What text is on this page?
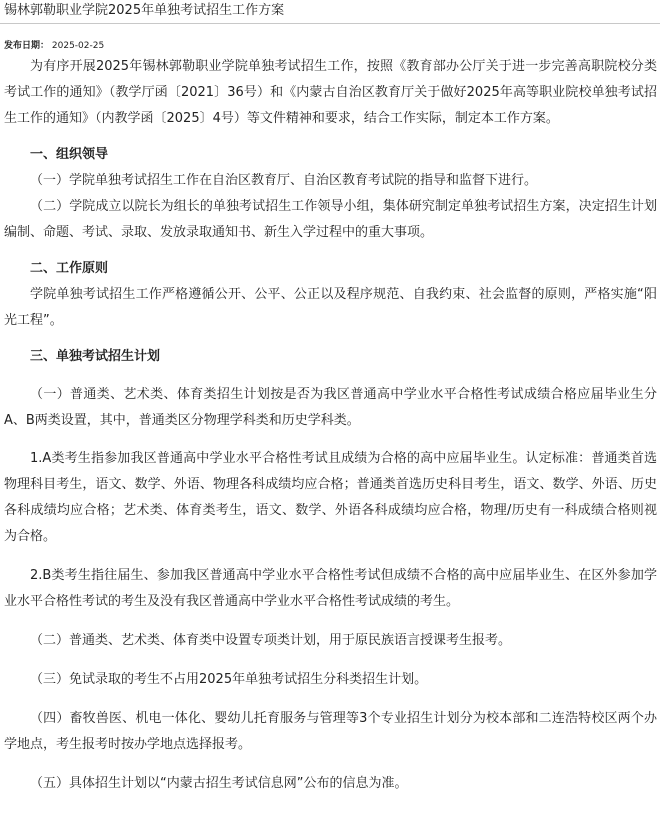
锡林郭勒职业学院2025年单独考试招生工作方案
发布日期： 2025-02-25

为有序开展2025年锡林郭勒职业学院单独考试招生工作，按照《教育部办公厅关于进一步完善高职院校分类考试工作的通知》（教学厅函〔2021〕36号）和《内蒙古自治区教育厅关于做好2025年高等职业院校单独考试招生工作的通知》（内教学函〔2025〕4号）等文件精神和要求，结合工作实际，制定本工作方案。

一、组织领导

（一）学院单独考试招生工作在自治区教育厅、自治区教育考试院的指导和监督下进行。

（二）学院成立以院长为组长的单独考试招生工作领导小组，集体研究制定单独考试招生方案，决定招生计划编制、命题、考试、录取、发放录取通知书、新生入学过程中的重大事项。

二、工作原则

学院单独考试招生工作严格遵循公开、公平、公正以及程序规范、自我约束、社会监督的原则，严格实施“阳光工程”。

三、单独考试招生计划

（一）普通类、艺术类、体育类招生计划按是否为我区普通高中学业水平合格性考试成绩合格应届毕业生分A、B两类设置，其中，普通类区分物理学科类和历史学科类。

1.A类考生指参加我区普通高中学业水平合格性考试且成绩为合格的高中应届毕业生。认定标准：普通类首选物理科目考生，语文、数学、外语、物理各科成绩均应合格；普通类首选历史科目考生，语文、数学、外语、历史各科成绩均应合格；艺术类、体育类考生，语文、数学、外语各科成绩均应合格，物理/历史有一科成绩合格则视为合格。

2.B类考生指往届生、参加我区普通高中学业水平合格性考试但成绩不合格的高中应届毕业生、在区外参加学业水平合格性考试的考生及没有我区普通高中学业水平合格性考试成绩的考生。

（二）普通类、艺术类、体育类中设置专项类计划，用于原民族语言授课考生报考。

（三）免试录取的考生不占用2025年单独考试招生分科类招生计划。

（四）畜牧兽医、机电一体化、婴幼儿托育服务与管理等3个专业招生计划分为校本部和二连浩特校区两个办学地点，考生报考时按办学地点选择报考。

（五）具体招生计划以“内蒙古招生考试信息网”公布的信息为准。
